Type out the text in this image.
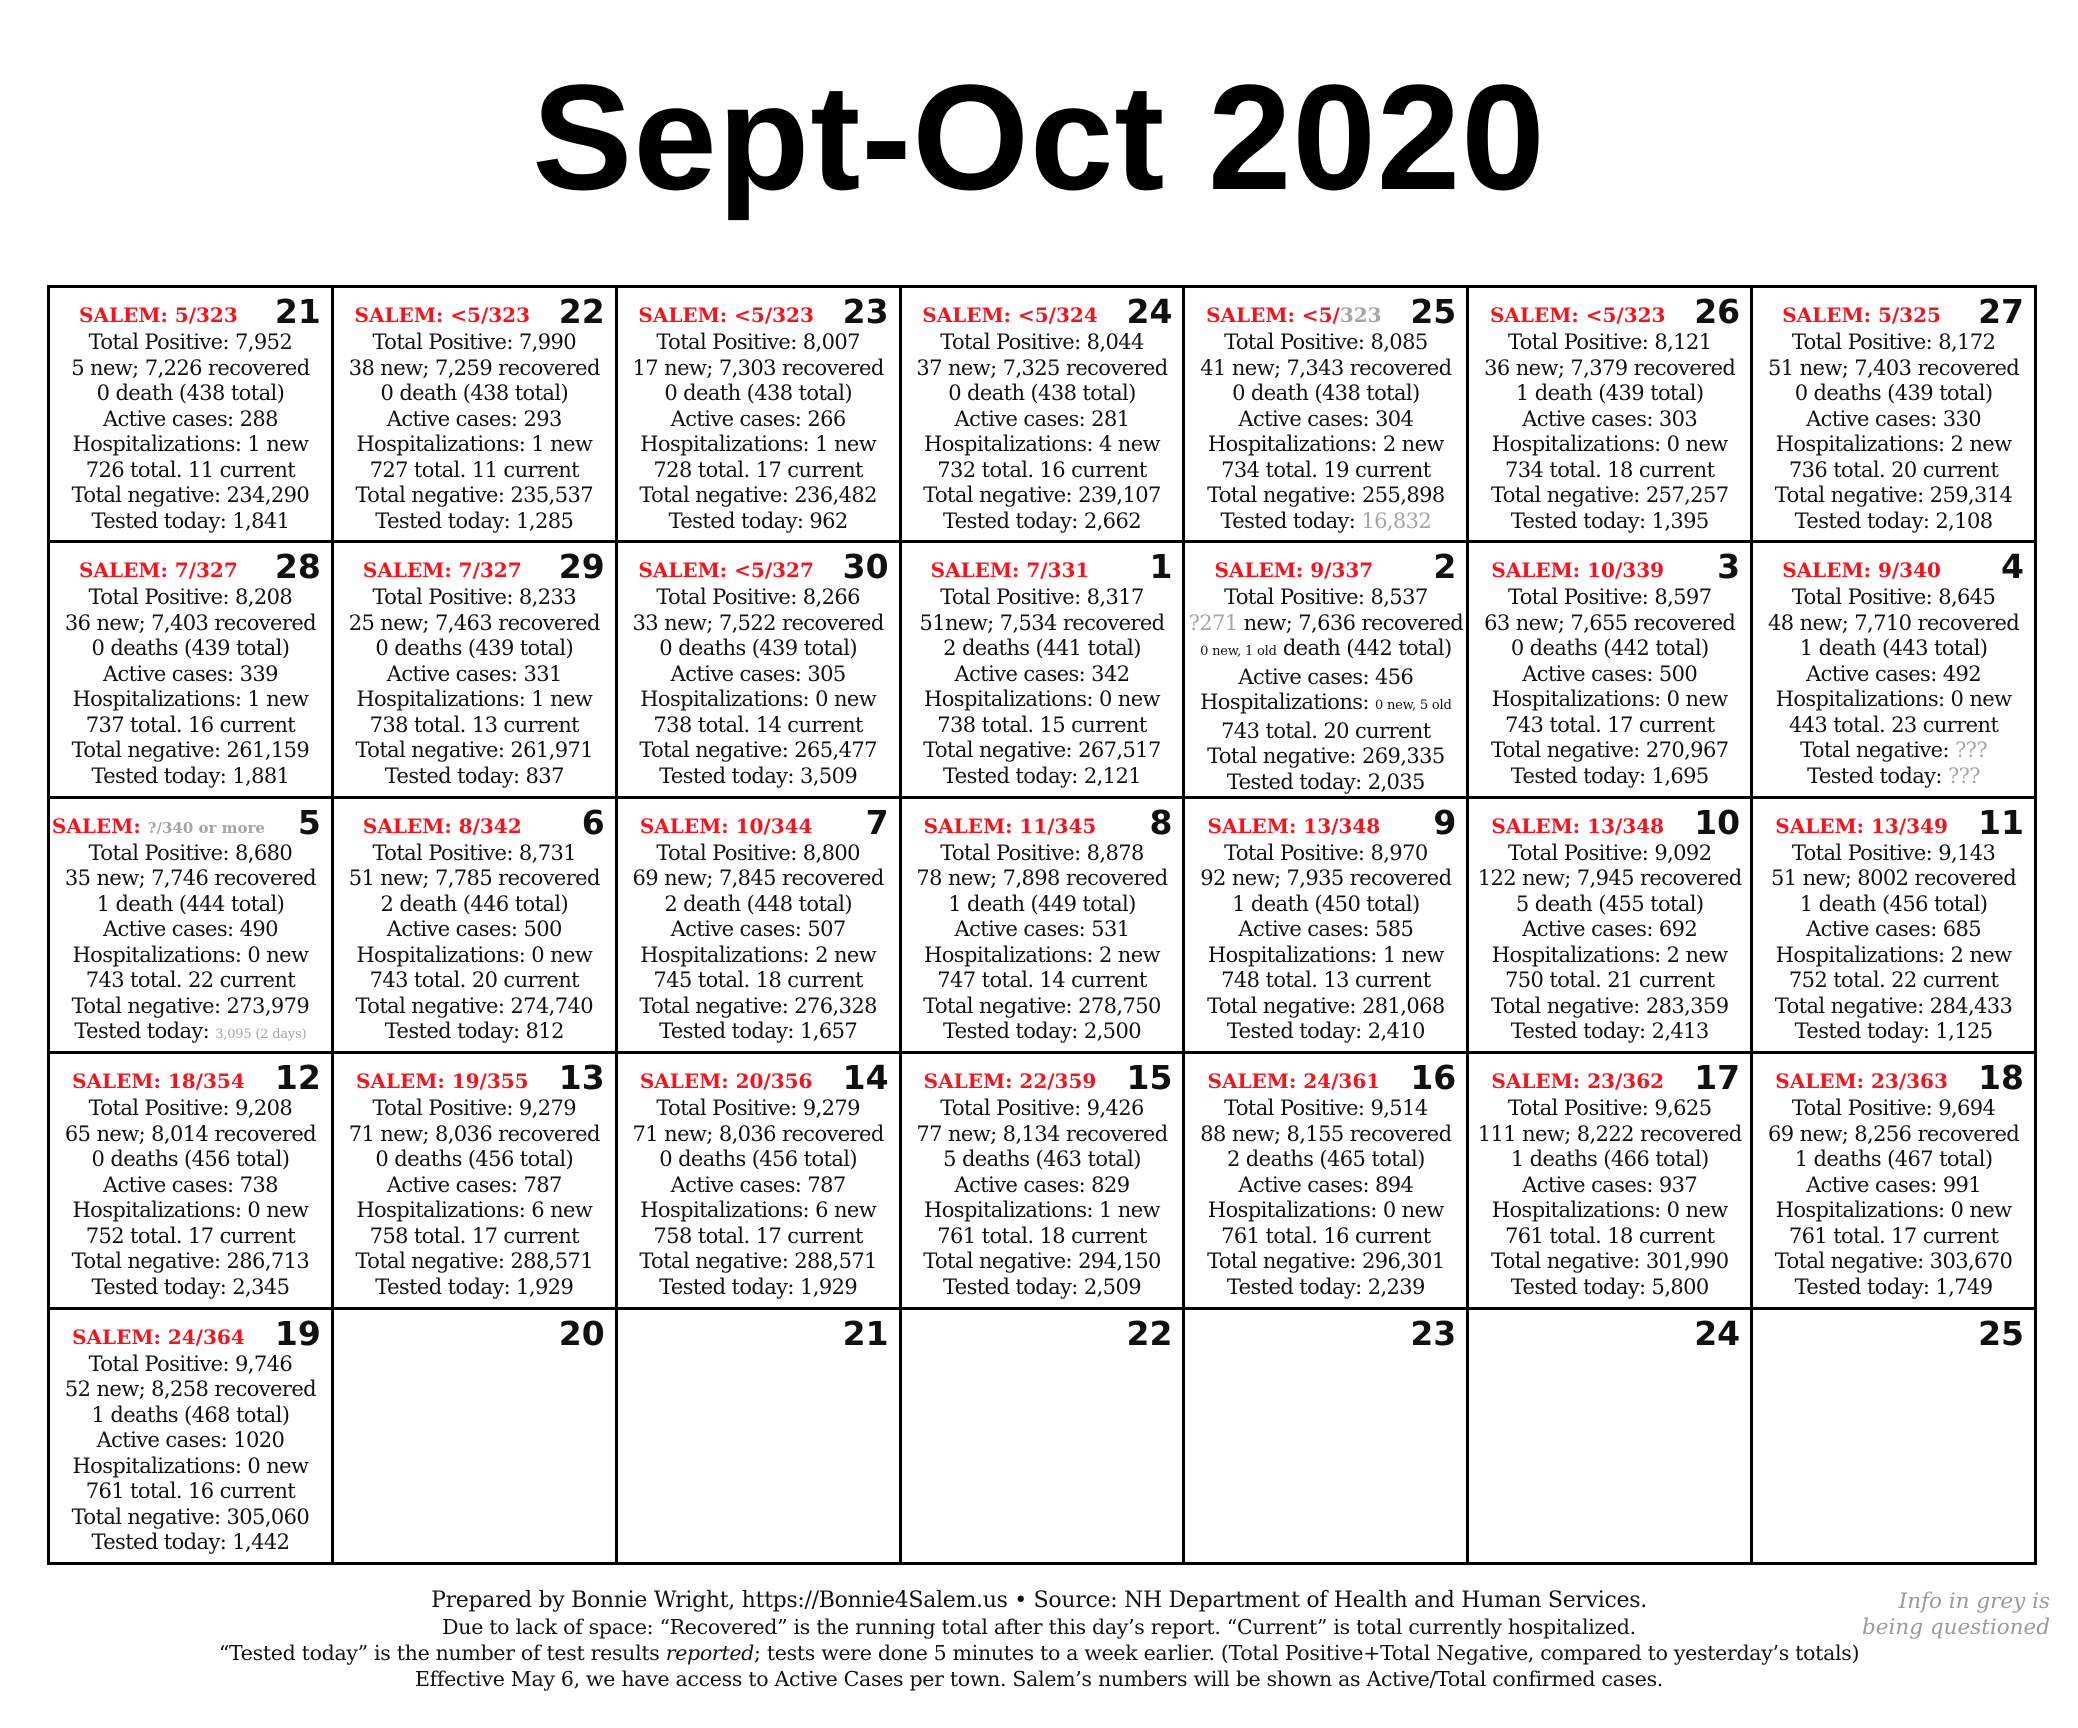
Sept-Oct 2020
21
SALEM: 5/323
Total Positive: 7,952
5 new; 7,226 recovered
0 death (438 total)
Active cases: 288
Hospitalizations: 1 new
726 total. 11 current
Total negative: 234,290
Tested today: 1,841
22
SALEM: <5/323
Total Positive: 7,990
38 new; 7,259 recovered
0 death (438 total)
Active cases: 293
Hospitalizations: 1 new
727 total. 11 current
Total negative: 235,537
Tested today: 1,285
23
SALEM: <5/323
Total Positive: 8,007
17 new; 7,303 recovered
0 death (438 total)
Active cases: 266
Hospitalizations: 1 new
728 total. 17 current
Total negative: 236,482
Tested today: 962
24
SALEM: <5/324
Total Positive: 8,044
37 new; 7,325 recovered
0 death (438 total)
Active cases: 281
Hospitalizations: 4 new
732 total. 16 current
Total negative: 239,107
Tested today: 2,662
25
SALEM: <5/323
Total Positive: 8,085
41 new; 7,343 recovered
0 death (438 total)
Active cases: 304
Hospitalizations: 2 new
734 total. 19 current
Total negative: 255,898
Tested today: 16,832
26
SALEM: <5/323
Total Positive: 8,121
36 new; 7,379 recovered
1 death (439 total)
Active cases: 303
Hospitalizations: 0 new
734 total. 18 current
Total negative: 257,257
Tested today: 1,395
27
SALEM: 5/325
Total Positive: 8,172
51 new; 7,403 recovered
0 deaths (439 total)
Active cases: 330
Hospitalizations: 2 new
736 total. 20 current
Total negative: 259,314
Tested today: 2,108
28
SALEM: 7/327
Total Positive: 8,208
36 new; 7,403 recovered
0 deaths (439 total)
Active cases: 339
Hospitalizations: 1 new
737 total. 16 current
Total negative: 261,159
Tested today: 1,881
29
SALEM: 7/327
Total Positive: 8,233
25 new; 7,463 recovered
0 deaths (439 total)
Active cases: 331
Hospitalizations: 1 new
738 total. 13 current
Total negative: 261,971
Tested today: 837
30
SALEM: <5/327
Total Positive: 8,266
33 new; 7,522 recovered
0 deaths (439 total)
Active cases: 305
Hospitalizations: 0 new
738 total. 14 current
Total negative: 265,477
Tested today: 3,509
1
SALEM: 7/331
Total Positive: 8,317
51new; 7,534 recovered
2 deaths (441 total)
Active cases: 342
Hospitalizations: 0 new
738 total. 15 current
Total negative: 267,517
Tested today: 2,121
2
SALEM: 9/337
Total Positive: 8,537
?271 new; 7,636 recovered
0 new, 1 old death (442 total)
Active cases: 456
Hospitalizations: 0 new, 5 old
743 total. 20 current
Total negative: 269,335
Tested today: 2,035
3
SALEM: 10/339
Total Positive: 8,597
63 new; 7,655 recovered
0 deaths (442 total)
Active cases: 500
Hospitalizations: 0 new
743 total. 17 current
Total negative: 270,967
Tested today: 1,695
4
SALEM: 9/340
Total Positive: 8,645
48 new; 7,710 recovered
1 death (443 total)
Active cases: 492
Hospitalizations: 0 new
443 total. 23 current
Total negative: ???
Tested today: ???
5
SALEM: ?/340 or more
Total Positive: 8,680
35 new; 7,746 recovered
1 death (444 total)
Active cases: 490
Hospitalizations: 0 new
743 total. 22 current
Total negative: 273,979
Tested today: 3,095 (2 days)
6
SALEM: 8/342
Total Positive: 8,731
51 new; 7,785 recovered
2 death (446 total)
Active cases: 500
Hospitalizations: 0 new
743 total. 20 current
Total negative: 274,740
Tested today: 812
7
SALEM: 10/344
Total Positive: 8,800
69 new; 7,845 recovered
2 death (448 total)
Active cases: 507
Hospitalizations: 2 new
745 total. 18 current
Total negative: 276,328
Tested today: 1,657
8
SALEM: 11/345
Total Positive: 8,878
78 new; 7,898 recovered
1 death (449 total)
Active cases: 531
Hospitalizations: 2 new
747 total. 14 current
Total negative: 278,750
Tested today: 2,500
9
SALEM: 13/348
Total Positive: 8,970
92 new; 7,935 recovered
1 death (450 total)
Active cases: 585
Hospitalizations: 1 new
748 total. 13 current
Total negative: 281,068
Tested today: 2,410
10
SALEM: 13/348
Total Positive: 9,092
122 new; 7,945 recovered
5 death (455 total)
Active cases: 692
Hospitalizations: 2 new
750 total. 21 current
Total negative: 283,359
Tested today: 2,413
11
SALEM: 13/349
Total Positive: 9,143
51 new; 8002 recovered
1 death (456 total)
Active cases: 685
Hospitalizations: 2 new
752 total. 22 current
Total negative: 284,433
Tested today: 1,125
12
SALEM: 18/354
Total Positive: 9,208
65 new; 8,014 recovered
0 deaths (456 total)
Active cases: 738
Hospitalizations: 0 new
752 total. 17 current
Total negative: 286,713
Tested today: 2,345
13
SALEM: 19/355
Total Positive: 9,279
71 new; 8,036 recovered
0 deaths (456 total)
Active cases: 787
Hospitalizations: 6 new
758 total. 17 current
Total negative: 288,571
Tested today: 1,929
14
SALEM: 20/356
Total Positive: 9,279
71 new; 8,036 recovered
0 deaths (456 total)
Active cases: 787
Hospitalizations: 6 new
758 total. 17 current
Total negative: 288,571
Tested today: 1,929
15
SALEM: 22/359
Total Positive: 9,426
77 new; 8,134 recovered
5 deaths (463 total)
Active cases: 829
Hospitalizations: 1 new
761 total. 18 current
Total negative: 294,150
Tested today: 2,509
16
SALEM: 24/361
Total Positive: 9,514
88 new; 8,155 recovered
2 deaths (465 total)
Active cases: 894
Hospitalizations: 0 new
761 total. 16 current
Total negative: 296,301
Tested today: 2,239
17
SALEM: 23/362
Total Positive: 9,625
111 new; 8,222 recovered
1 deaths (466 total)
Active cases: 937
Hospitalizations: 0 new
761 total. 18 current
Total negative: 301,990
Tested today: 5,800
18
SALEM: 23/363
Total Positive: 9,694
69 new; 8,256 recovered
1 deaths (467 total)
Active cases: 991
Hospitalizations: 0 new
761 total. 17 current
Total negative: 303,670
Tested today: 1,749
19
SALEM: 24/364
Total Positive: 9,746
52 new; 8,258 recovered
1 deaths (468 total)
Active cases: 1020
Hospitalizations: 0 new
761 total. 16 current
Total negative: 305,060
Tested today: 1,442
20	21	22	23	24	25
Prepared by Bonnie Wright, https://Bonnie4Salem.us • Source: NH Department of Health and Human Services.
Due to lack of space: “Recovered” is the running total after this day’s report. “Current” is total currently hospitalized.
“Tested today” is the number of test results reported; tests were done 5 minutes to a week earlier. (Total Positive+Total Negative, compared to yesterday’s totals)
Effective May 6, we have access to Active Cases per town. Salem’s numbers will be shown as Active/Total confirmed cases.
Info in grey is
being questioned
